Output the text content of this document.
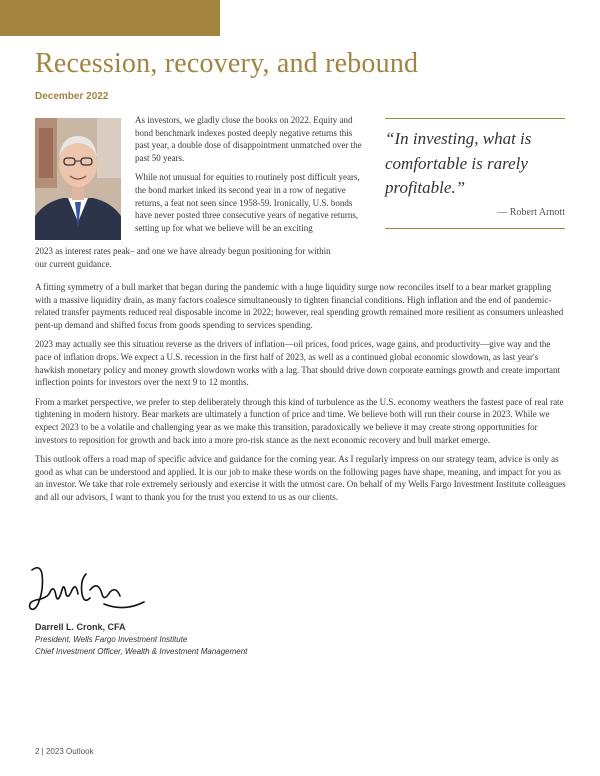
Recession, recovery, and rebound
December 2022

As investors, we gladly close the books on 2022. Equity and bond benchmark indexes posted deeply negative returns this past year, a double dose of disappointment unmatched over the past 50 years.

While not unusual for equities to routinely post difficult years, the bond market inked its second year in a row of negative returns, a feat not seen since 1958-59. Ironically, U.S. bonds have never posted three consecutive years of negative returns, setting up for what we believe will be an exciting

2023 as interest rates peak– and one we have already begun positioning for within our current guidance.

“In investing, what is comfortable is rarely profitable.”
— Robert Arnott

A fitting symmetry of a bull market that began during the pandemic with a huge liquidity surge now reconciles itself to a bear market grappling with a massive liquidity drain, as many factors coalesce simultaneously to tighten financial conditions. High inflation and the end of pandemic-related transfer payments reduced real disposable income in 2022; however, real spending growth remained more resilient as consumers unleashed pent-up demand and shifted focus from goods spending to services spending.

2023 may actually see this situation reverse as the drivers of inflation—oil prices, food prices, wage gains, and productivity—give way and the pace of inflation drops. We expect a U.S. recession in the first half of 2023, as well as a continued global economic slowdown, as last year's hawkish monetary policy and money growth slowdown works with a lag. That should drive down corporate earnings growth and create important inflection points for investors over the next 9 to 12 months.

From a market perspective, we prefer to step deliberately through this kind of turbulence as the U.S. economy weathers the fastest pace of real rate tightening in modern history. Bear markets are ultimately a function of price and time. We believe both will run their course in 2023. While we expect 2023 to be a volatile and challenging year as we make this transition, paradoxically we believe it may create strong opportunities for investors to reposition for growth and back into a more pro-risk stance as the next economic recovery and bull market emerge.

This outlook offers a road map of specific advice and guidance for the coming year. As I regularly impress on our strategy team, advice is only as good as what can be understood and applied. It is our job to make these words on the following pages have shape, meaning, and impact for you as an investor. We take that role extremely seriously and exercise it with the utmost care. On behalf of my Wells Fargo Investment Institute colleagues and all our advisors, I want to thank you for the trust you extend to us as our clients.

Darrell L. Cronk, CFA
President, Wells Fargo Investment Institute
Chief Investment Officer, Wealth & Investment Management
2 | 2023 Outlook
